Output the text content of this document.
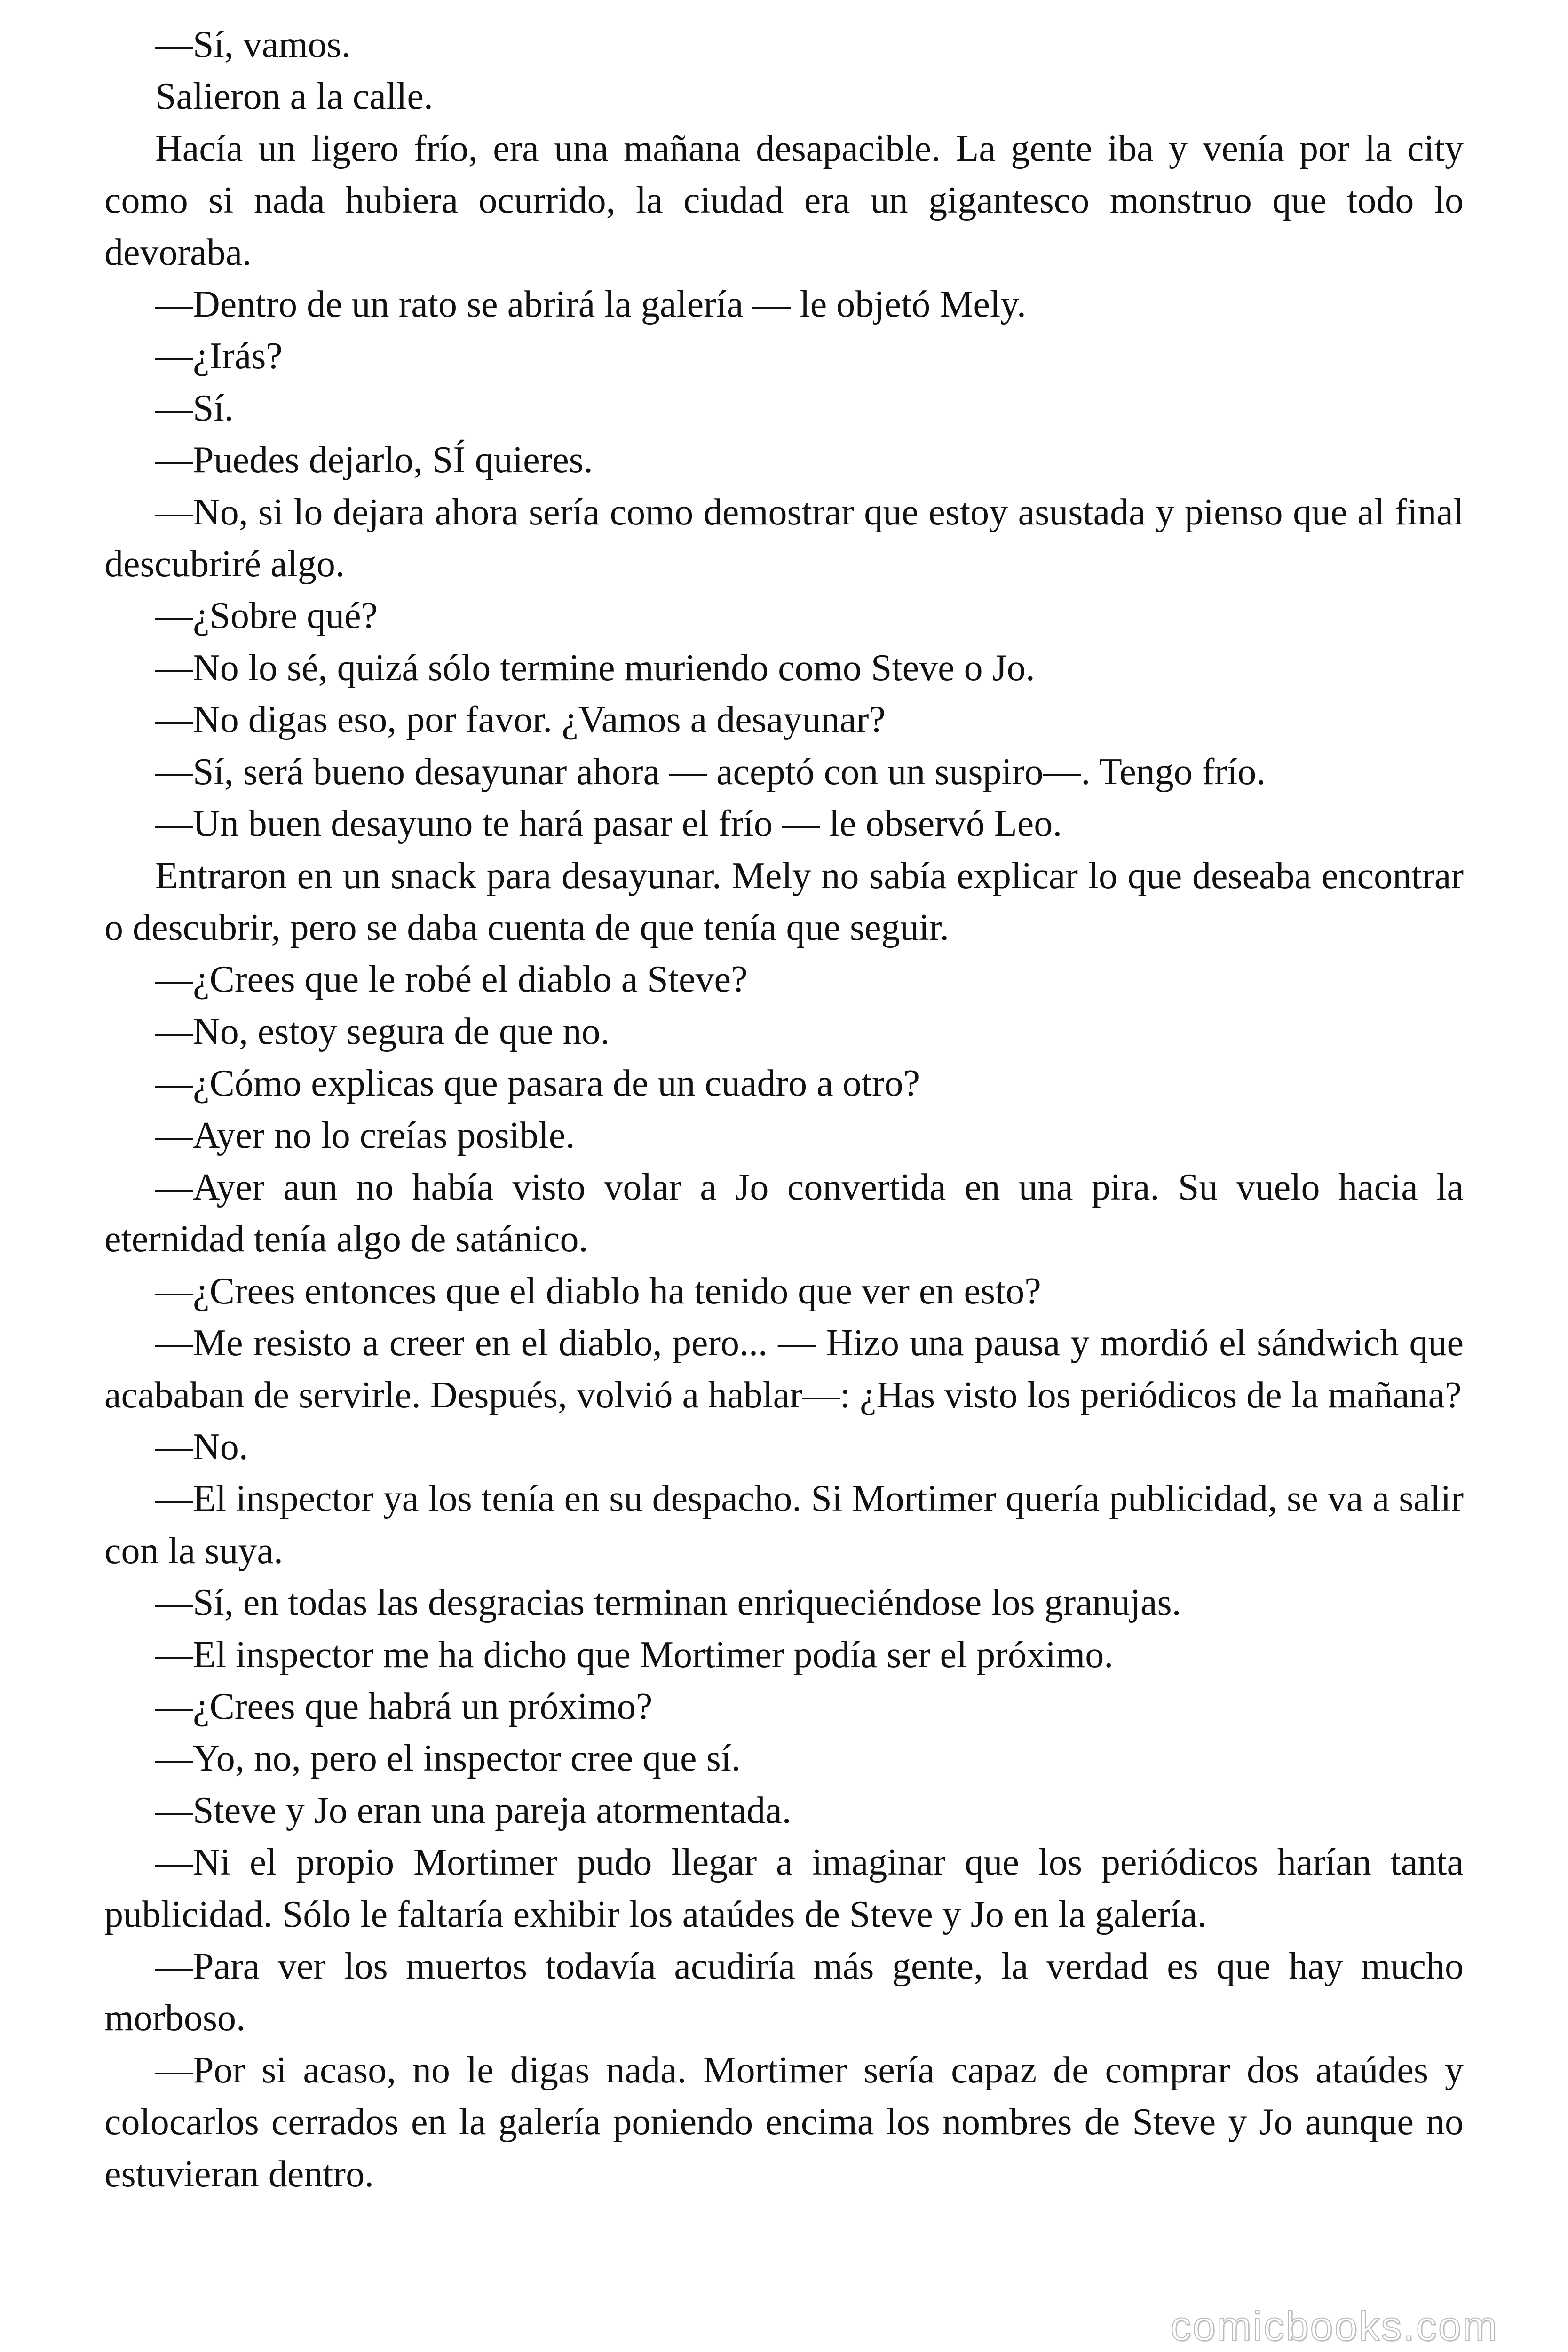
—Sí, vamos.

Salieron a la calle.

Hacía un ligero frío, era una mañana desapacible. La gente iba y venía por la city como si nada hubiera ocurrido, la ciudad era un gigantesco monstruo que todo lo devoraba.

—Dentro de un rato se abrirá la galería — le objetó Mely.

—¿Irás?

—Sí.

—Puedes dejarlo, SÍ quieres.

—No, si lo dejara ahora sería como demostrar que estoy asustada y pienso que al final descubriré algo.

—¿Sobre qué?

—No lo sé, quizá sólo termine muriendo como Steve o Jo.

—No digas eso, por favor. ¿Vamos a desayunar?

—Sí, será bueno desayunar ahora — aceptó con un suspiro—. Tengo frío.

—Un buen desayuno te hará pasar el frío — le observó Leo.

Entraron en un snack para desayunar. Mely no sabía explicar lo que deseaba encontrar o descubrir, pero se daba cuenta de que tenía que seguir.

—¿Crees que le robé el diablo a Steve?

—No, estoy segura de que no.

—¿Cómo explicas que pasara de un cuadro a otro?

—Ayer no lo creías posible.

—Ayer aun no había visto volar a Jo convertida en una pira. Su vuelo hacia la eternidad tenía algo de satánico.

—¿Crees entonces que el diablo ha tenido que ver en esto?

—Me resisto a creer en el diablo, pero... — Hizo una pausa y mordió el sándwich que acababan de servirle. Después, volvió a hablar—: ¿Has visto los periódicos de la mañana?

—No.

—El inspector ya los tenía en su despacho. Si Mortimer quería publicidad, se va a salir con la suya.

—Sí, en todas las desgracias terminan enriqueciéndose los granujas.

—El inspector me ha dicho que Mortimer podía ser el próximo.

—¿Crees que habrá un próximo?

—Yo, no, pero el inspector cree que sí.

—Steve y Jo eran una pareja atormentada.

—Ni el propio Mortimer pudo llegar a imaginar que los periódicos harían tanta publicidad. Sólo le faltaría exhibir los ataúdes de Steve y Jo en la galería.

—Para ver los muertos todavía acudiría más gente, la verdad es que hay mucho morboso.

—Por si acaso, no le digas nada. Mortimer sería capaz de comprar dos ataúdes y colocarlos cerrados en la galería poniendo encima los nombres de Steve y Jo aunque no estuvieran dentro.

comicbooks.com
